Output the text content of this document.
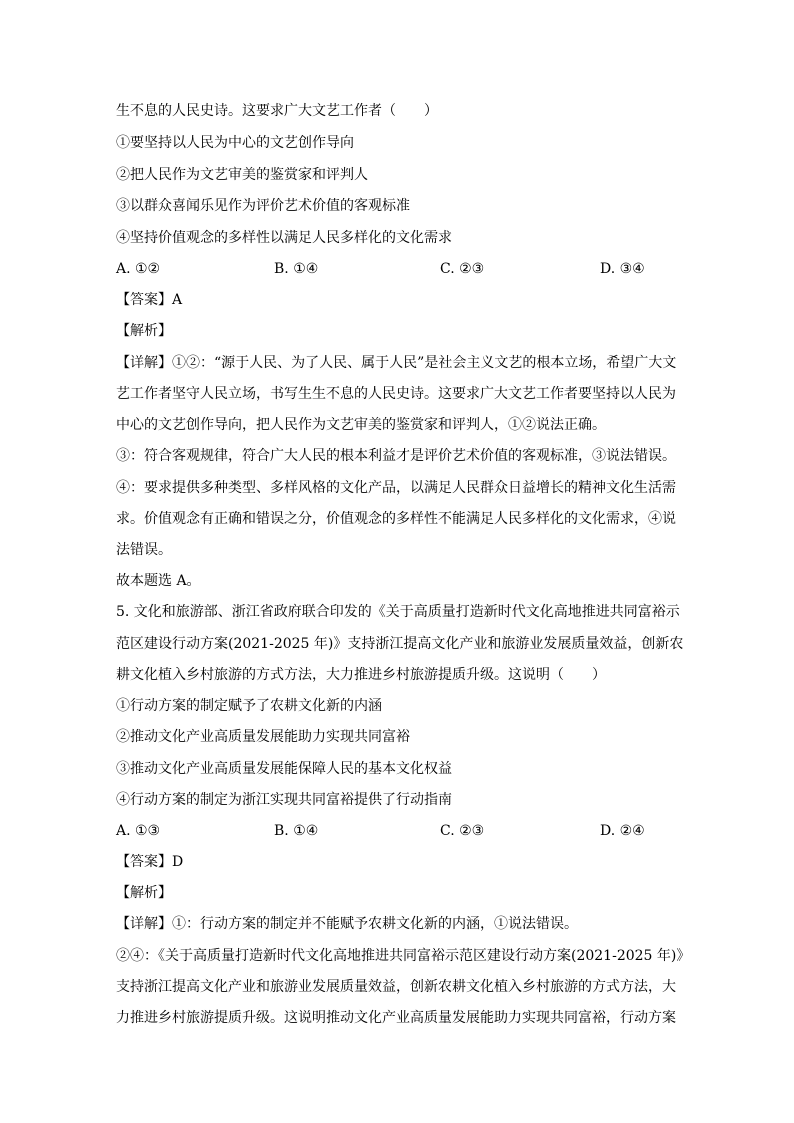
生不息的人民史诗。这要求广大文艺工作者（　　）
①要坚持以人民为中心的文艺创作导向
②把人民作为文艺审美的鉴赏家和评判人
③以群众喜闻乐见作为评价艺术价值的客观标准
④坚持价值观念的多样性以满足人民多样化的文化需求
A. ①②	B. ①④	C. ②③	D. ③④
【答案】A
【解析】
【详解】①②：“源于人民、为了人民、属于人民”是社会主义文艺的根本立场，希望广大文
艺工作者坚守人民立场，书写生生不息的人民史诗。这要求广大文艺工作者要坚持以人民为
中心的文艺创作导向，把人民作为文艺审美的鉴赏家和评判人，①②说法正确。
③：符合客观规律，符合广大人民的根本利益才是评价艺术价值的客观标准，③说法错误。
④：要求提供多种类型、多样风格的文化产品，以满足人民群众日益增长的精神文化生活需
求。价值观念有正确和错误之分，价值观念的多样性不能满足人民多样化的文化需求，④说
法错误。
故本题选 A。
5. 文化和旅游部、浙江省政府联合印发的《关于高质量打造新时代文化高地推进共同富裕示
范区建设行动方案(2021-2025 年)》支持浙江提高文化产业和旅游业发展质量效益，创新农
耕文化植入乡村旅游的方式方法，大力推进乡村旅游提质升级。这说明（　　）
①行动方案的制定赋予了农耕文化新的内涵
②推动文化产业高质量发展能助力实现共同富裕
③推动文化产业高质量发展能保障人民的基本文化权益
④行动方案的制定为浙江实现共同富裕提供了行动指南
A. ①③	B. ①④	C. ②③	D. ②④
【答案】D
【解析】
【详解】①：行动方案的制定并不能赋予农耕文化新的内涵，①说法错误。
②④：《关于高质量打造新时代文化高地推进共同富裕示范区建设行动方案(2021-2025 年)》
支持浙江提高文化产业和旅游业发展质量效益，创新农耕文化植入乡村旅游的方式方法，大
力推进乡村旅游提质升级。这说明推动文化产业高质量发展能助力实现共同富裕，行动方案
